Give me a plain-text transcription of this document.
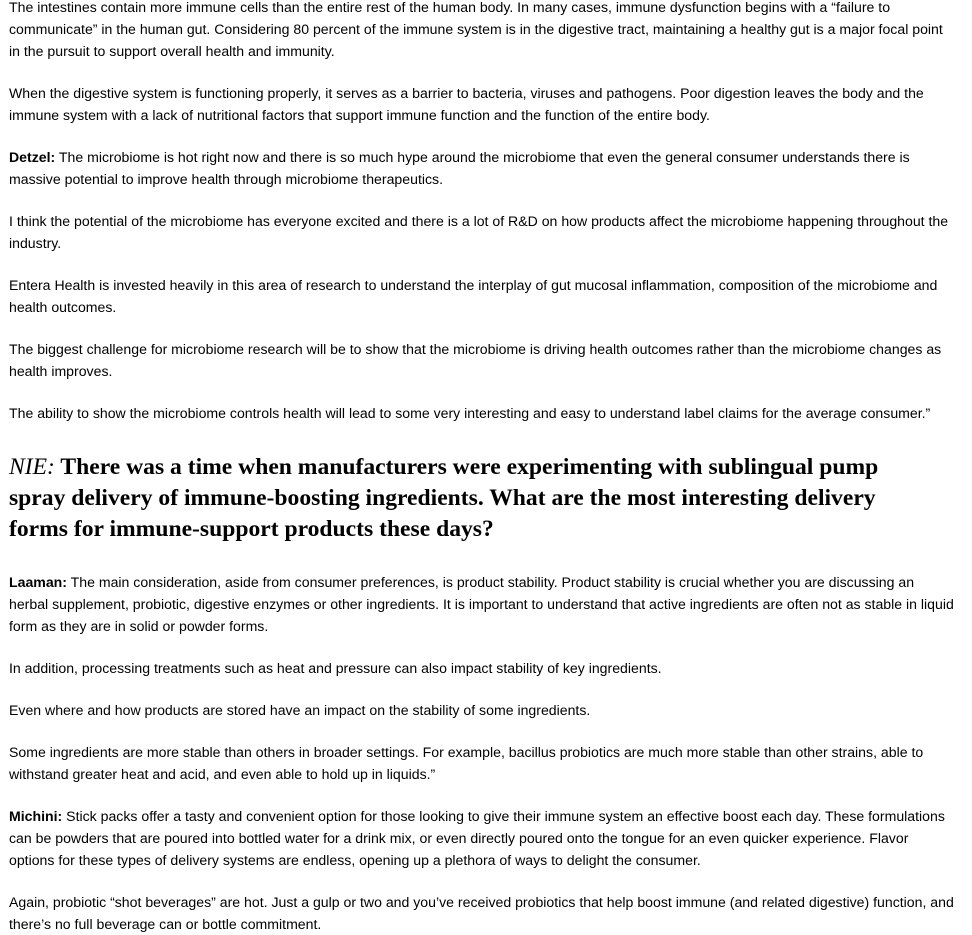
The intestines contain more immune cells than the entire rest of the human body. In many cases, immune dysfunction begins with a “failure to communicate” in the human gut. Considering 80 percent of the immune system is in the digestive tract, maintaining a healthy gut is a major focal point in the pursuit to support overall health and immunity.

When the digestive system is functioning properly, it serves as a barrier to bacteria, viruses and pathogens. Poor digestion leaves the body and the immune system with a lack of nutritional factors that support immune function and the function of the entire body.

Detzel: The microbiome is hot right now and there is so much hype around the microbiome that even the general consumer understands there is massive potential to improve health through microbiome therapeutics.

I think the potential of the microbiome has everyone excited and there is a lot of R&D on how products affect the microbiome happening throughout the industry.

Entera Health is invested heavily in this area of research to understand the interplay of gut mucosal inflammation, composition of the microbiome and health outcomes.

The biggest challenge for microbiome research will be to show that the microbiome is driving health outcomes rather than the microbiome changes as health improves.

The ability to show the microbiome controls health will lead to some very interesting and easy to understand label claims for the average consumer.”

NIE: There was a time when manufacturers were experimenting with sublingual pump spray delivery of immune-boosting ingredients. What are the most interesting delivery forms for immune-support products these days?

Laaman: The main consideration, aside from consumer preferences, is product stability. Product stability is crucial whether you are discussing an herbal supplement, probiotic, digestive enzymes or other ingredients. It is important to understand that active ingredients are often not as stable in liquid form as they are in solid or powder forms.

In addition, processing treatments such as heat and pressure can also impact stability of key ingredients.

Even where and how products are stored have an impact on the stability of some ingredients.

Some ingredients are more stable than others in broader settings. For example, bacillus probiotics are much more stable than other strains, able to withstand greater heat and acid, and even able to hold up in liquids.”

Michini: Stick packs offer a tasty and convenient option for those looking to give their immune system an effective boost each day. These formulations can be powders that are poured into bottled water for a drink mix, or even directly poured onto the tongue for an even quicker experience. Flavor options for these types of delivery systems are endless, opening up a plethora of ways to delight the consumer.

Again, probiotic “shot beverages” are hot. Just a gulp or two and you’ve received probiotics that help boost immune (and related digestive) function, and there’s no full beverage can or bottle commitment.
